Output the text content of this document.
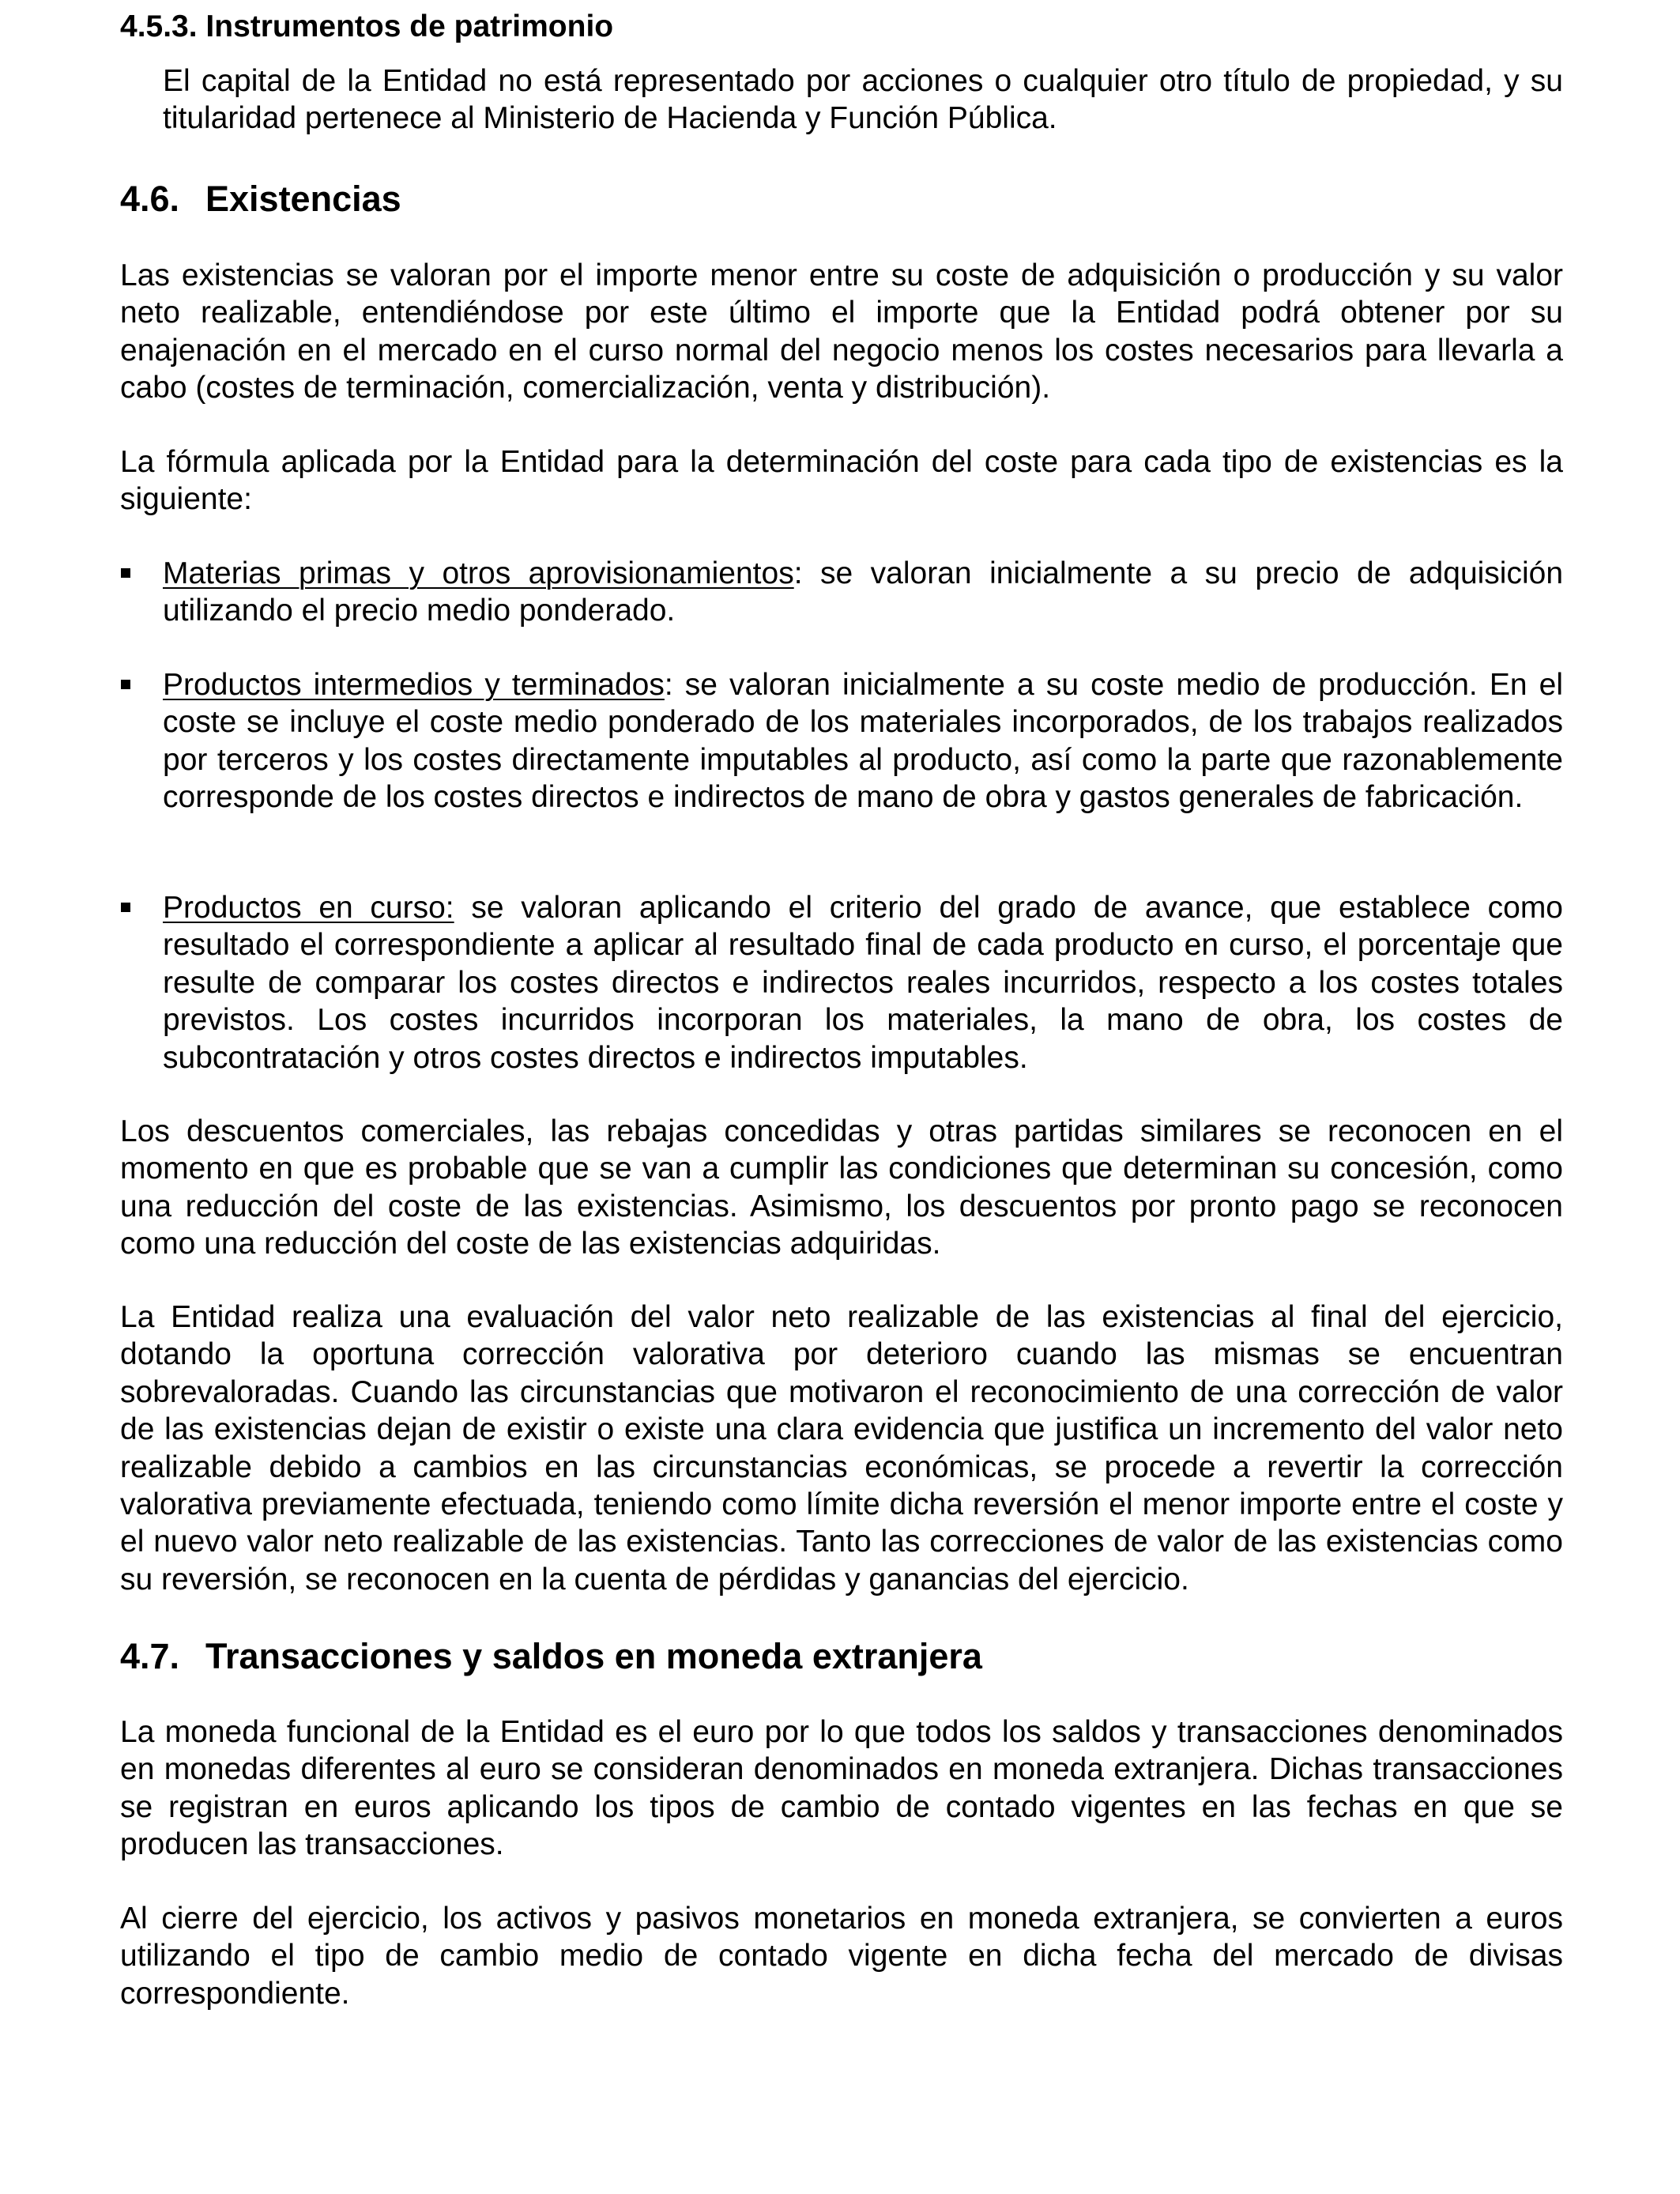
4.5.3. Instrumentos de patrimonio

El capital de la Entidad no está representado por acciones o cualquier otro título de propiedad, y su titularidad pertenece al Ministerio de Hacienda y Función Pública.

4.6. Existencias

Las existencias se valoran por el importe menor entre su coste de adquisición o producción y su valor neto realizable, entendiéndose por este último el importe que la Entidad podrá obtener por su enajenación en el mercado en el curso normal del negocio menos los costes necesarios para llevarla a cabo (costes de terminación, comercialización, venta y distribución).

La fórmula aplicada por la Entidad para la determinación del coste para cada tipo de existencias es la siguiente:

Materias primas y otros aprovisionamientos: se valoran inicialmente a su precio de adquisición utilizando el precio medio ponderado.

Productos intermedios y terminados: se valoran inicialmente a su coste medio de producción. En el coste se incluye el coste medio ponderado de los materiales incorporados, de los trabajos realizados por terceros y los costes directamente imputables al producto, así como la parte que razonablemente corresponde de los costes directos e indirectos de mano de obra y gastos generales de fabricación.

Productos en curso: se valoran aplicando el criterio del grado de avance, que establece como resultado el correspondiente a aplicar al resultado final de cada producto en curso, el porcentaje que resulte de comparar los costes directos e indirectos reales incurridos, respecto a los costes totales previstos. Los costes incurridos incorporan los materiales, la mano de obra, los costes de subcontratación y otros costes directos e indirectos imputables.

Los descuentos comerciales, las rebajas concedidas y otras partidas similares se reconocen en el momento en que es probable que se van a cumplir las condiciones que determinan su concesión, como una reducción del coste de las existencias. Asimismo, los descuentos por pronto pago se reconocen como una reducción del coste de las existencias adquiridas.

La Entidad realiza una evaluación del valor neto realizable de las existencias al final del ejercicio, dotando la oportuna corrección valorativa por deterioro cuando las mismas se encuentran sobrevaloradas. Cuando las circunstancias que motivaron el reconocimiento de una corrección de valor de las existencias dejan de existir o existe una clara evidencia que justifica un incremento del valor neto realizable debido a cambios en las circunstancias económicas, se procede a revertir la corrección valorativa previamente efectuada, teniendo como límite dicha reversión el menor importe entre el coste y el nuevo valor neto realizable de las existencias. Tanto las correcciones de valor de las existencias como su reversión, se reconocen en la cuenta de pérdidas y ganancias del ejercicio.

4.7. Transacciones y saldos en moneda extranjera

La moneda funcional de la Entidad es el euro por lo que todos los saldos y transacciones denominados en monedas diferentes al euro se consideran denominados en moneda extranjera. Dichas transacciones se registran en euros aplicando los tipos de cambio de contado vigentes en las fechas en que se producen las transacciones.

Al cierre del ejercicio, los activos y pasivos monetarios en moneda extranjera, se convierten a euros utilizando el tipo de cambio medio de contado vigente en dicha fecha del mercado de divisas correspondiente.
